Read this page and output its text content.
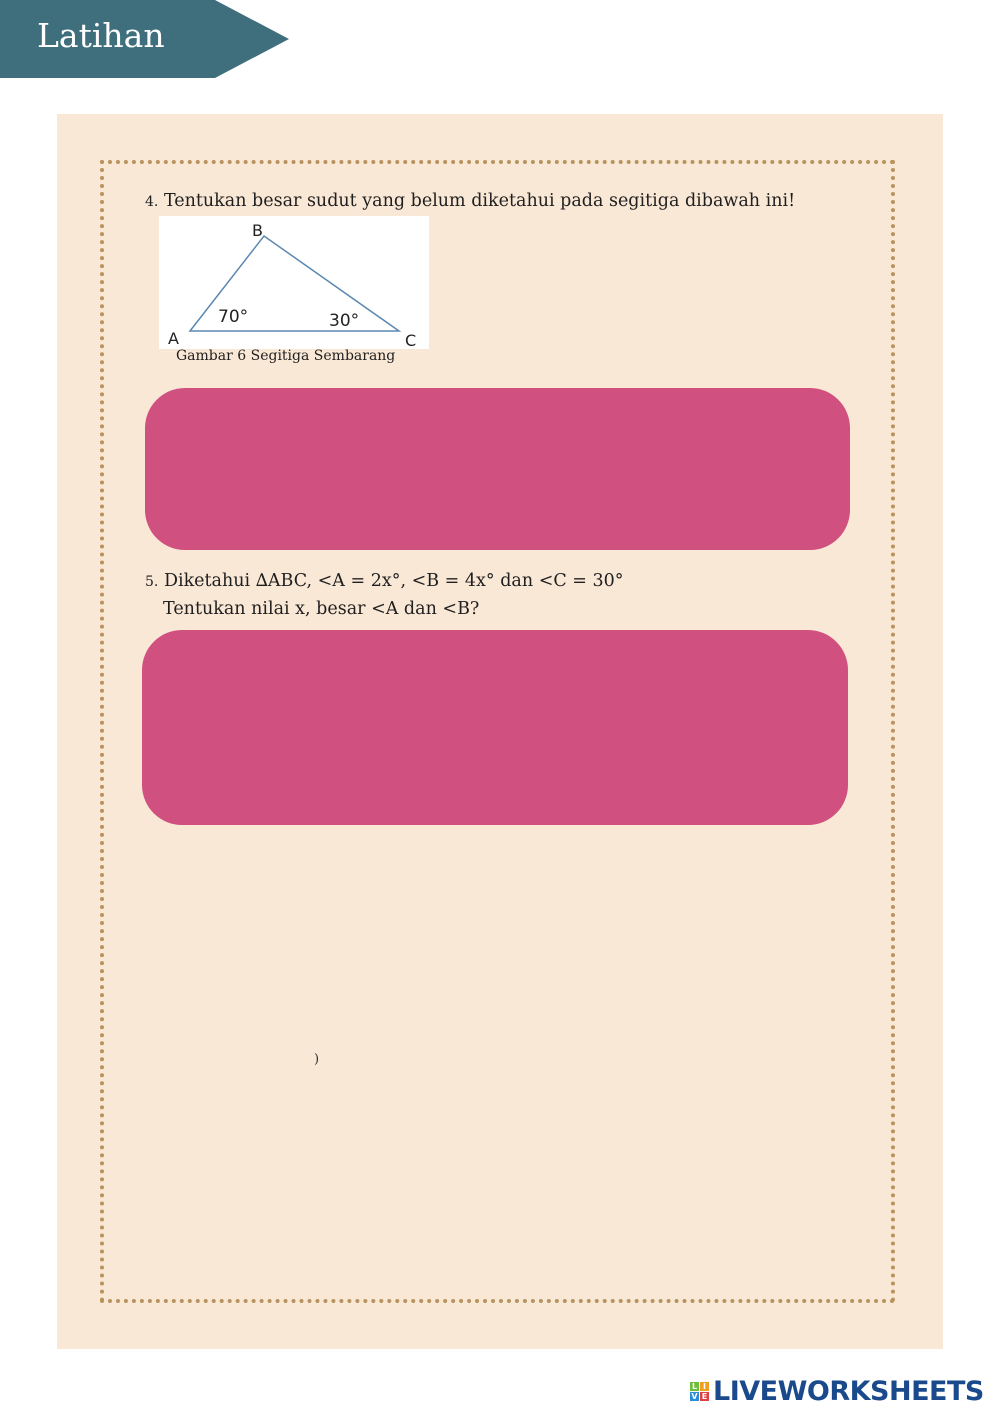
Latihan
4. Tentukan besar sudut yang belum diketahui pada segitiga dibawah ini!
B
A	C
70°	30°
Gambar 6 Segitiga Sembarang
5. Diketahui ∆ABC, <A = 2x°, <B = 4x° dan <C = 30°
Tentukan nilai x, besar <A dan <B?
)
L I
V E LIVEWORKSHEETS
